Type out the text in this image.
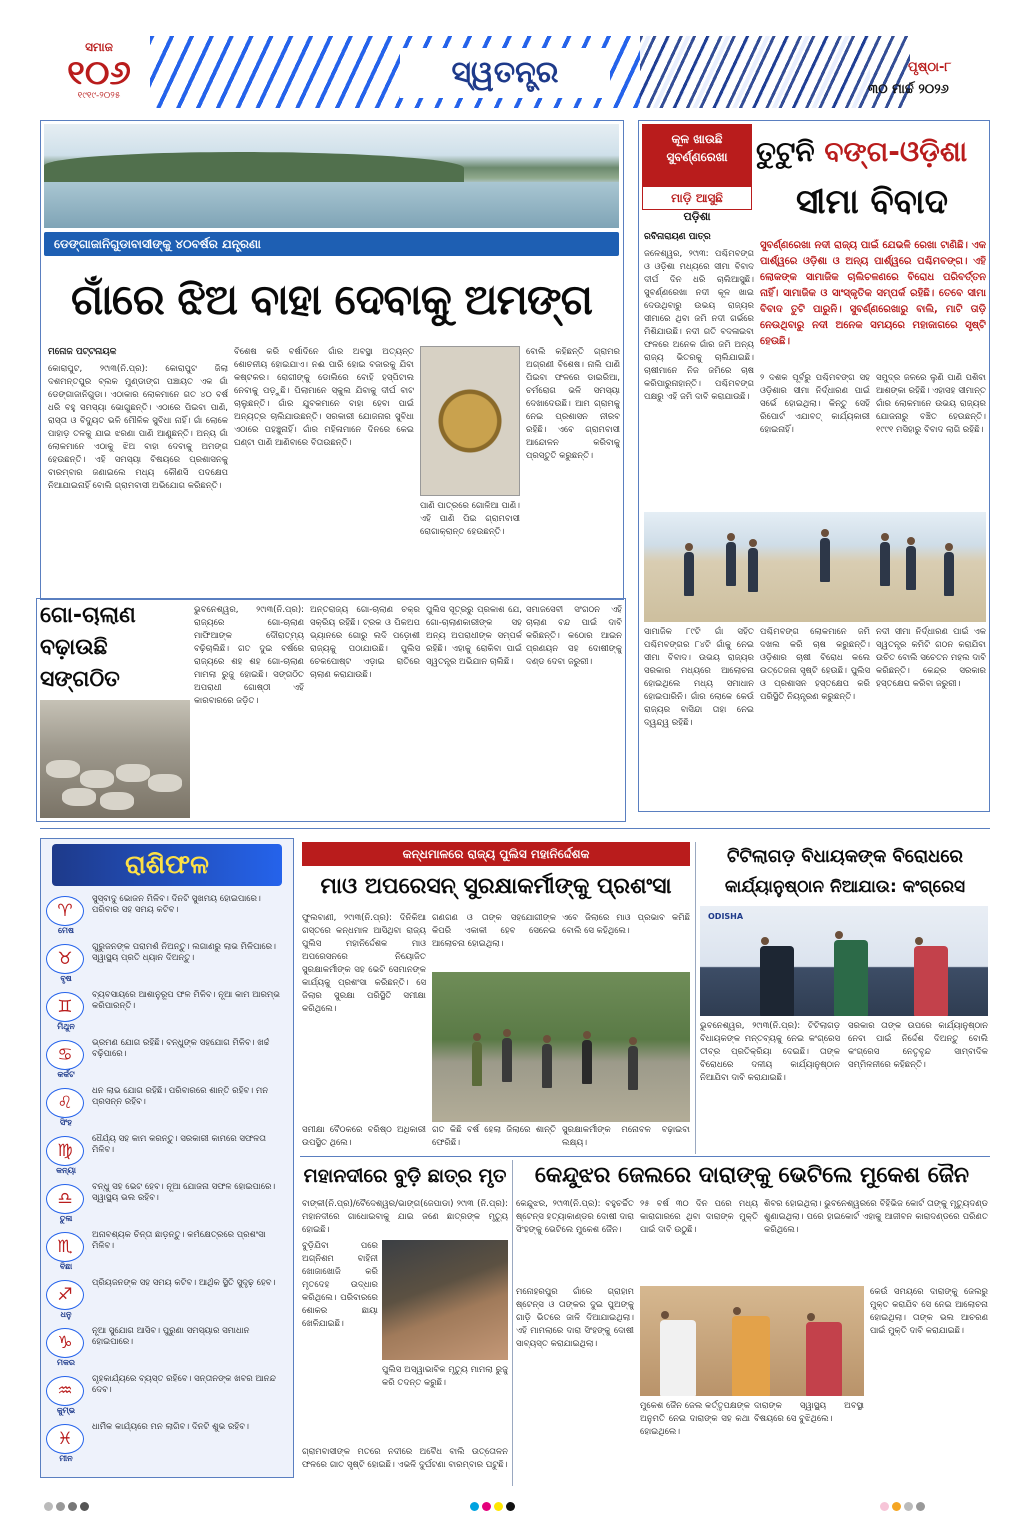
ସମାଜ
୧୦୬
୧୯୧୯-୨୦୨୫
ସ୍ୱତନ୍ତ୍ର	ପୃଷ୍ଠା-୮
୩୦ ମାର୍ଚ୍ଚ ୨୦୨୬
ଡେଙ୍ଗାଜାନିଗୁଡାବାସୀଙ୍କୁ ୪୦ବର୍ଷର ଯନ୍ତ୍ରଣା
ଗାଁରେ ଝିଅ ବାହା ଦେବାକୁ ଅମଙ୍ଗ
ମନୋଜ ପଟ୍ଟନାୟକ

କୋରାପୁଟ, ୨୯ା୩(ନି.ପ୍ର): କୋରାପୁଟ ଜିଲା ଦଶମନ୍ତପୁର ବ୍ଲକ ମୁଣ୍ଡାଙ୍ଗ ପଞ୍ଚାୟତ ଏକ ଗାଁ ଡେଙ୍ଗାଜାନିଗୁଡା। ଏଠାକାର ଲୋକମାନେ ଗତ ୪୦ ବର୍ଷ ଧରି ବହୁ ସମସ୍ୟା ଭୋଗୁଛନ୍ତି। ଏଠାରେ ପିଇବା ପାଣି, ରାସ୍ତା ଓ ବିଦ୍ୟୁତ ଭଳି ମୌଳିକ ସୁବିଧା ନାହିଁ। ଗାଁ ଲୋକେ ପାହାଡ଼ ତଳକୁ ଯାଇ ଝରଣା ପାଣି ଆଣୁଛନ୍ତି। ଅନ୍ୟ ଗାଁ ଲୋକମାନେ ଏଠାକୁ ଝିଅ ବାହା ଦେବାକୁ ଅମଙ୍ଗ ହେଉଛନ୍ତି। ଏହି ସମସ୍ୟା ବିଷୟରେ ପ୍ରଶାସନକୁ ବାରମ୍ବାର ଜଣାଇଲେ ମଧ୍ୟ କୌଣସି ପଦକ୍ଷେପ ନିଆଯାଇନାହିଁ ବୋଲି ଗ୍ରାମବାସୀ ଅଭିଯୋଗ କରିଛନ୍ତି।

ବିଶେଷ କରି ବର୍ଷାଦିନେ ଗାଁର ଅବସ୍ଥା ଅତ୍ୟନ୍ତ ଶୋଚନୀୟ ହୋଇଯାଏ। ନଈ ପାରି ହୋଇ ବଜାରକୁ ଯିବା କଷ୍ଟକର। ରୋଗୀଙ୍କୁ ଡୋଲିରେ ବୋହି ହସ୍ପିଟାଲ ନେବାକୁ ପଡ଼ୁଛି। ପିଲାମାନେ ସ୍କୁଲ ଯିବାକୁ ଦୀର୍ଘ ବାଟ ଚାଲୁଛନ୍ତି। ଗାଁର ଯୁବକମାନେ ବାହା ହେବା ପାଇଁ ଅନ୍ୟତ୍ର ଚାଲିଯାଉଛନ୍ତି। ସରକାରୀ ଯୋଜନାର ସୁବିଧା ଏଠାରେ ପହଞ୍ଚୁନାହିଁ। ଗାଁର ମହିଳାମାନେ ଦିନରେ କେଇ ଘଣ୍ଟା ପାଣି ଆଣିବାରେ ବିତାଉଛନ୍ତି।

ପାଣି ପାତ୍ରରେ ଗୋଳିଆ ପାଣି। ଏହି ପାଣି ପିଇ ଗ୍ରାମବାସୀ ରୋଗାକ୍ରାନ୍ତ ହେଉଛନ୍ତି।

ବୋଲି କହିଛନ୍ତି ଗ୍ରାମର ଅଗ୍ରଣୀ ବିଶେଷ। ନାଲି ପାଣି ପିଇବା ଫଳରେ ଡାଇରିଆ, ଚର୍ମରୋଗ ଭଳି ସମସ୍ୟା ଦେଖାଦେଉଛି। ଆମ ଗ୍ରାମକୁ ନେଇ ପ୍ରଶାସନ ନୀରବ ରହିଛି। ଏବେ ଗ୍ରାମବାସୀ ଆନ୍ଦୋଳନ କରିବାକୁ ପ୍ରସ୍ତୁତି କରୁଛନ୍ତି।

କୂଳ ଖାଉଛି
ସୁବର୍ଣ୍ଣରେଖା
ମାଡ଼ି ଆସୁଛି
ପଡ଼ିଶା
ତୁଟୁନି ବଙ୍ଗ-ଓଡ଼ିଶା
ସୀମା ବିବାଦ
ରବିନାରାୟଣ ପାତ୍ର

ଜଳେଶ୍ୱର, ୨୯ା୩: ପଶ୍ଚିମବଙ୍ଗ ଓ ଓଡ଼ିଶା ମଧ୍ୟରେ ସୀମା ବିବାଦ ଦୀର୍ଘ ଦିନ ଧରି ଚାଲିଆସୁଛି। ସୁବର୍ଣ୍ଣରେଖା ନଦୀ କୂଳ ଖାଇ ଦେଉଥିବାରୁ ଉଭୟ ରାଜ୍ୟର ସୀମାରେ ଥିବା ଜମି ନଦୀ ଗର୍ଭରେ ମିଶିଯାଉଛି। ନଦୀ ଗତି ବଦଳାଇବା ଫଳରେ ଅନେକ ଗାଁର ଜମି ଅନ୍ୟ ରାଜ୍ୟ ଭିତରକୁ ଚାଲିଯାଇଛି। ଚାଷୀମାନେ ନିଜ ଜମିରେ ଚାଷ କରିପାରୁନାହାନ୍ତି। ପଶ୍ଚିମବଙ୍ଗ ପକ୍ଷରୁ ଏହି ଜମି ଦାବି କରାଯାଉଛି।

ସୁବର୍ଣ୍ଣରେଖା ନଦୀ ରାଜ୍ୟ ପାଇଁ ଯେଭଳି ରେଖା ଟାଣିଛି। ଏକ ପାର୍ଶ୍ୱରେ ଓଡ଼ିଶା ଓ ଅନ୍ୟ ପାର୍ଶ୍ୱରେ ପଶ୍ଚିମବଙ୍ଗ। ଏହି ଲୋକଙ୍କ ସାମାଜିକ ଚାଲିଚଳଣରେ ବିରୋଧ ପରିବର୍ତ୍ତନ ନାହିଁ। ସାମାଜିକ ଓ ସାଂସ୍କୃତିକ ସମ୍ପର୍କ ରହିଛି। ତେବେ ସୀମା ବିବାଦ ତୁଟି ପାରୁନି। ସୁବର୍ଣ୍ଣରେଖାରୁ ବାଲି, ମାଟି ତାଡ଼ି ନେଉଥିବାରୁ ନଦୀ ଅନେକ ସମୟରେ ମହାଜାଗରେ ସୃଷ୍ଟି ହେଉଛି।

୨ ଦଶକ ପୂର୍ବରୁ ପଶ୍ଚିମବଙ୍ଗ ସହ ଓଡ଼ିଶାର ସୀମା ନିର୍ଦ୍ଧାରଣ ପାଇଁ ସର୍ଭେ ହୋଇଥିଲା। କିନ୍ତୁ ସେହି ରିପୋର୍ଟ ଏଯାବତ୍ କାର୍ଯ୍ୟକାରୀ ହୋଇନାହିଁ।

ସମୁଦ୍ର ଜଳରେ ଲୁଣି ପାଣି ପଶିବା ଆଶଙ୍କା ରହିଛି। ଏହାସହ ସୀମାନ୍ତ ଗାଁର ଲୋକମାନେ ଉଭୟ ରାଜ୍ୟର ଯୋଜନାରୁ ବଞ୍ଚିତ ହେଉଛନ୍ତି। ୧୯୯୧ ମସିହାରୁ ବିବାଦ ଲାଗି ରହିଛି।

ସାମାଜିକ ୮୯ଟି ଗାଁ ସହିତ ପଶ୍ଚିମବଙ୍ଗର ୮୪ଟି ଗାଁକୁ ନେଇ ସୀମା ବିବାଦ। ଉଭୟ ରାଜ୍ୟର ସରକାର ମଧ୍ୟରେ ଆଲୋଚନା ହୋଇଥିଲେ ମଧ୍ୟ ସମାଧାନ ହୋଇପାରିନି। ଗାଁର ଲୋକେ କେଉଁ ରାଜ୍ୟର ବାସିନ୍ଦା ତାହା ନେଇ ଦ୍ୱନ୍ଦ୍ୱ ରହିଛି।

ପଶ୍ଚିମବଙ୍ଗ ଲୋକମାନେ ଜମି ଦଖଲ କରି ଚାଷ କରୁଛନ୍ତି। ଓଡ଼ିଶାର ଚାଷୀ ବିରୋଧ କଲେ ଉତ୍ତେଜନା ସୃଷ୍ଟି ହେଉଛି। ପୁଲିସ ଓ ପ୍ରଶାସନ ହସ୍ତକ୍ଷେପ କରି ପରିସ୍ଥିତି ନିୟନ୍ତ୍ରଣ କରୁଛନ୍ତି।

ନଦୀ ସୀମା ନିର୍ଦ୍ଧାରଣ ପାଇଁ ଏକ ସ୍ୱତନ୍ତ୍ର କମିଟି ଗଠନ କରାଯିବା ଉଚିତ ବୋଲି ସଚେତନ ମହଲ ଦାବି କରିଛନ୍ତି। କେନ୍ଦ୍ର ସରକାର ହସ୍ତକ୍ଷେପ କରିବା ଜରୁରୀ।

ଗୋ-ଚାଲାଣ ବଢ଼ାଉଛି ସଙ୍ଗଠିତ

ଭୁବନେଶ୍ୱର, ୨୯ା୩(ନି.ପ୍ର): ରାଜ୍ୟରେ ଗୋ-ଚାଲାଣ ମାଫିଆଙ୍କ ଦୌରାତ୍ମ୍ୟ ବଢ଼ିଚାଲିଛି। ଗତ ଦୁଇ ବର୍ଷରେ ରାଜ୍ୟରେ ଶହ ଶହ ଗୋ-ଚାଲାଣ ମାମଲା ରୁଜୁ ହୋଇଛି। ସଙ୍ଗଠିତ ଅପରାଧୀ ଗୋଷ୍ଠୀ ଏହି କାରବାରରେ ଜଡ଼ିତ।

ଅନ୍ତରାଜ୍ୟ ଗୋ-ଚାଲାଣ ଚକ୍ର ସକ୍ରିୟ ରହିଛି। ଟ୍ରକ ଓ ପିକଅପ ଭ୍ୟାନରେ ଗୋରୁ ଲଦି ପଡ଼ୋଶୀ ରାଜ୍ୟକୁ ପଠାଯାଉଛି। ପୁଲିସ ଚେକପୋଷ୍ଟ ଏଡ଼ାଇ ରାତିରେ ଚାଲାଣ କରାଯାଉଛି।

ପୁଲିସ ସୂତ୍ରରୁ ପ୍ରକାଶ ଯେ, ଗୋ-ଚାଲାଣକାରୀଙ୍କ ସହ ଅନ୍ୟ ଅପରାଧୀଙ୍କ ସମ୍ପର୍କ ରହିଛି। ଏହାକୁ ରୋକିବା ପାଇଁ ସ୍ୱତନ୍ତ୍ର ଅଭିଯାନ ଚାଲିଛି।

ସମାଜସେବୀ ସଂଗଠନ ଏହି ଚାଲାଣ ବନ୍ଦ ପାଇଁ ଦାବି କରିଛନ୍ତି। କଠୋର ଆଇନ ପ୍ରଣୟନ ସହ ଦୋଷୀଙ୍କୁ ଦଣ୍ଡ ଦେବା ଜରୁରୀ।

ରାଶିଫଳ
♈
ମେଷ
ସୁସ୍ବାଦୁ ଭୋଜନ ମିଳିବ। ଦିନଟି ସୁଖମୟ ହୋଇପାରେ। ପରିବାର ସହ ସମୟ କଟିବ।
♉
ବୃଷ
ଗୁରୁଜନଙ୍କ ପରାମର୍ଶ ନିଅନ୍ତୁ। ଲଗାଣରୁ ଲାଭ ମିଳିପାରେ। ସ୍ୱାସ୍ଥ୍ୟ ପ୍ରତି ଧ୍ୟାନ ଦିଅନ୍ତୁ।
♊
ମିଥୁନ
ବ୍ୟବସାୟରେ ଆଶାନୁରୂପ ଫଳ ମିଳିବ। ନୂଆ କାମ ଆରମ୍ଭ କରିପାରନ୍ତି।
♋
କର୍କଟ
ଭ୍ରମଣ ଯୋଗ ରହିଛି। ବନ୍ଧୁଙ୍କ ସହଯୋଗ ମିଳିବ। ଖର୍ଚ୍ଚ ବଢ଼ିପାରେ।
♌
ସିଂହ
ଧନ ଲାଭ ଯୋଗ ରହିଛି। ପରିବାରରେ ଶାନ୍ତି ରହିବ। ମନ ପ୍ରସନ୍ନ ରହିବ।
♍
କନ୍ୟା
ଧୈର୍ଯ୍ୟ ସହ କାମ କରନ୍ତୁ। ସରକାରୀ କାମରେ ସଫଳତା ମିଳିବ।
♎
ତୁଳା
ବନ୍ଧୁ ସହ ଭେଟ ହେବ। ନୂଆ ଯୋଜନା ସଫଳ ହୋଇପାରେ। ସ୍ୱାସ୍ଥ୍ୟ ଭଲ ରହିବ।
♏
ବିଛା
ଅନାବଶ୍ୟକ ଚିନ୍ତା ଛାଡ଼ନ୍ତୁ। କର୍ମକ୍ଷେତ୍ରରେ ପ୍ରଶଂସା ମିଳିବ।
♐
ଧନୁ
ପ୍ରିୟଜନଙ୍କ ସହ ସମୟ କଟିବ। ଆର୍ଥିକ ସ୍ଥିତି ସୁଦୃଢ଼ ହେବ।
♑
ମକର
ନୂଆ ସୁଯୋଗ ଆସିବ। ପୁରୁଣା ସମସ୍ୟାର ସମାଧାନ ହୋଇପାରେ।
♒
କୁମ୍ଭ
ଗୃହକାର୍ଯ୍ୟରେ ବ୍ୟସ୍ତ ରହିବେ। ସନ୍ତାନଙ୍କ ଖବର ଆନନ୍ଦ ଦେବ।
♓
ମୀନ
ଧାର୍ମିକ କାର୍ଯ୍ୟରେ ମନ ଲାଗିବ। ଦିନଟି ଶୁଭ ରହିବ।
କନ୍ଧମାଳରେ ରାଜ୍ୟ ପୁଲିସ ମହାନିର୍ଦ୍ଦେଶକ
ମାଓ ଅପରେସନ୍ ସୁରକ୍ଷାକର୍ମୀଙ୍କୁ ପ୍ରଶଂସା

ଫୁଲବାଣୀ, ୨୯ା୩(ନି.ପ୍ର): ଦିନିକିଆ ଗସ୍ତରେ କନ୍ଧମାଳ ଆସିଥିବା ରାଜ୍ୟ ପୁଲିସ ମହାନିର୍ଦ୍ଦେଶକ ମାଓ ଅପରେସନରେ ନିୟୋଜିତ ସୁରକ୍ଷାକର୍ମୀଙ୍କ ସହ ଭେଟି ସେମାନଙ୍କ କାର୍ଯ୍ୟକୁ ପ୍ରଶଂସା କରିଛନ୍ତି। ସେ ଜିଲାର ସୁରକ୍ଷା ପରିସ୍ଥିତି ସମୀକ୍ଷା କରିଥିଲେ।

ଗଣଗଣ ଓ ତାଙ୍କ ସହଯୋଗୀଙ୍କ କିପରି ଏକାକୀ ହେବ ସେନେଇ ଆଲୋଚନା ହୋଇଥିଲା।

ଏବେ ଜିଲାରେ ମାଓ ପ୍ରଭାବ କମିଛି ବୋଲି ସେ କହିଥିଲେ।

ସମୀକ୍ଷା ବୈଠକରେ ବରିଷ୍ଠ ଅଧିକାରୀ ଉପସ୍ଥିତ ଥିଲେ।

ଗତ କିଛି ବର୍ଷ ହେଲା ଜିଲାରେ ଶାନ୍ତି ଫେରିଛି।

ସୁରକ୍ଷାକର୍ମୀଙ୍କ ମନୋବଳ ବଢ଼ାଇବା ଲକ୍ଷ୍ୟ।

ଟିଟିଲାଗଡ଼ ବିଧାୟକଙ୍କ ବିରୋଧରେ
କାର୍ଯ୍ୟାନୁଷ୍ଠାନ ନିଆଯାଉ: କଂଗ୍ରେସ
ODISHA

ଭୁବନେଶ୍ୱର, ୨୯ା୩(ନି.ପ୍ର): ଟିଟିଲାଗଡ଼ ବିଧାୟକଙ୍କ ମନ୍ତବ୍ୟକୁ ନେଇ କଂଗ୍ରେସ ତୀବ୍ର ପ୍ରତିକ୍ରିୟା ଦେଇଛି। ତାଙ୍କ ବିରୋଧରେ ଦଳୀୟ କାର୍ଯ୍ୟାନୁଷ୍ଠାନ ନିଆଯିବା ଦାବି କରାଯାଇଛି।

ସରକାର ତାଙ୍କ ଉପରେ କାର୍ଯ୍ୟାନୁଷ୍ଠାନ ନେବା ପାଇଁ ନିର୍ଦ୍ଦେଶ ଦିଅନ୍ତୁ ବୋଲି କଂଗ୍ରେସ ନେତୃବୃନ୍ଦ ସାମ୍ବାଦିକ ସମ୍ମିଳନୀରେ କହିଛନ୍ତି।

ମହାନଦୀରେ ବୁଡ଼ି ଛାତ୍ର ମୃତ

ବାଙ୍କୀ(ନି.ପ୍ର)/ବୈଦେଶ୍ୱର/ଭାଙ୍ଗ(ଜେପାଡା) ୨୯ା୩ (ନି.ପ୍ର): ମହାନଦୀରେ ଗାଧୋଇବାକୁ ଯାଇ ଜଣେ ଛାତ୍ରଙ୍କ ମୃତ୍ୟୁ ହୋଇଛି।

ବୁଡ଼ିଯିବା ପରେ ଅଗ୍ନିଶମ ବାହିନୀ ଖୋଜାଖୋଜି କରି ମୃତଦେହ ଉଦ୍ଧାର କରିଥିଲେ। ପରିବାରରେ ଶୋକର ଛାୟା ଖେଳିଯାଇଛି।

ପୁଲିସ ଅସ୍ୱାଭାବିକ ମୃତ୍ୟୁ ମାମଲା ରୁଜୁ କରି ତଦନ୍ତ କରୁଛି।

ଗ୍ରାମବାସୀଙ୍କ ମତରେ ନଦୀରେ ଅବୈଧ ବାଲି ଉତ୍ତୋଳନ ଫଳରେ ଗାତ ସୃଷ୍ଟି ହୋଇଛି। ଏଭଳି ଦୁର୍ଘଟଣା ବାରମ୍ବାର ଘଟୁଛି।

କେନ୍ଦୁଝର ଜେଲରେ ଦାରାଙ୍କୁ ଭେଟିଲେ ମୁକେଶ ଜୈନ

କେନ୍ଦୁଝର, ୨୯ା୩(ନି.ପ୍ର): ବହୁଚର୍ଚ୍ଚିତ ଷ୍ଟେନ୍ସ ହତ୍ୟାକାଣ୍ଡର ଦୋଷୀ ଦାରା ସିଂହଙ୍କୁ ଭେଟିଲେ ମୁକେଶ ଜୈନ।

୨୫ ବର୍ଷ ୩୦ ଦିନ ପରେ ମଧ୍ୟ କାରାଗାରରେ ଥିବା ଦାରାଙ୍କ ମୁକ୍ତି ପାଇଁ ଦାବି ଉଠୁଛି।

ଶିବର ହୋଇଥିଲା। ଭୁବନେଶ୍ୱରରେ ବିହିଭିଜ କୋର୍ଟ ତାଙ୍କୁ ମୃତ୍ୟୁଦଣ୍ଡ ଶୁଣାଇଥିଲା। ପରେ ହାଇକୋର୍ଟ ଏହାକୁ ଆଜୀବନ କାରାଦଣ୍ଡରେ ପରିଣତ କରିଥିଲେ।

ମନୋହରପୁର ଗାଁରେ ଗ୍ରାହାମ ଷ୍ଟେନ୍ସ ଓ ତାଙ୍କର ଦୁଇ ପୁଅଙ୍କୁ ଗାଡ଼ି ଭିତରେ ଜାଳି ଦିଆଯାଇଥିଲା। ଏହି ମାମଲାରେ ଦାରା ସିଂହଙ୍କୁ ଦୋଷୀ ସାବ୍ୟସ୍ତ କରାଯାଇଥିଲା।

ମୁକେଶ ଜୈନ ଜେଲ କର୍ତ୍ତୃପକ୍ଷଙ୍କ ଅନୁମତି ନେଇ ଦାରାଙ୍କ ସହ କଥା ହୋଇଥିଲେ।

ଦାରାଙ୍କ ସ୍ୱାସ୍ଥ୍ୟ ଅବସ୍ଥା ବିଷୟରେ ସେ ବୁଝିଥିଲେ।

କେଉଁ ସମୟରେ ଦାରାଙ୍କୁ ଜେଲରୁ ମୁକ୍ତ କରାଯିବ ସେ ନେଇ ଆଲୋଚନା ହୋଇଥିଲା। ତାଙ୍କ ଭଲ ଆଚରଣ ପାଇଁ ମୁକ୍ତି ଦାବି କରାଯାଇଛି।
